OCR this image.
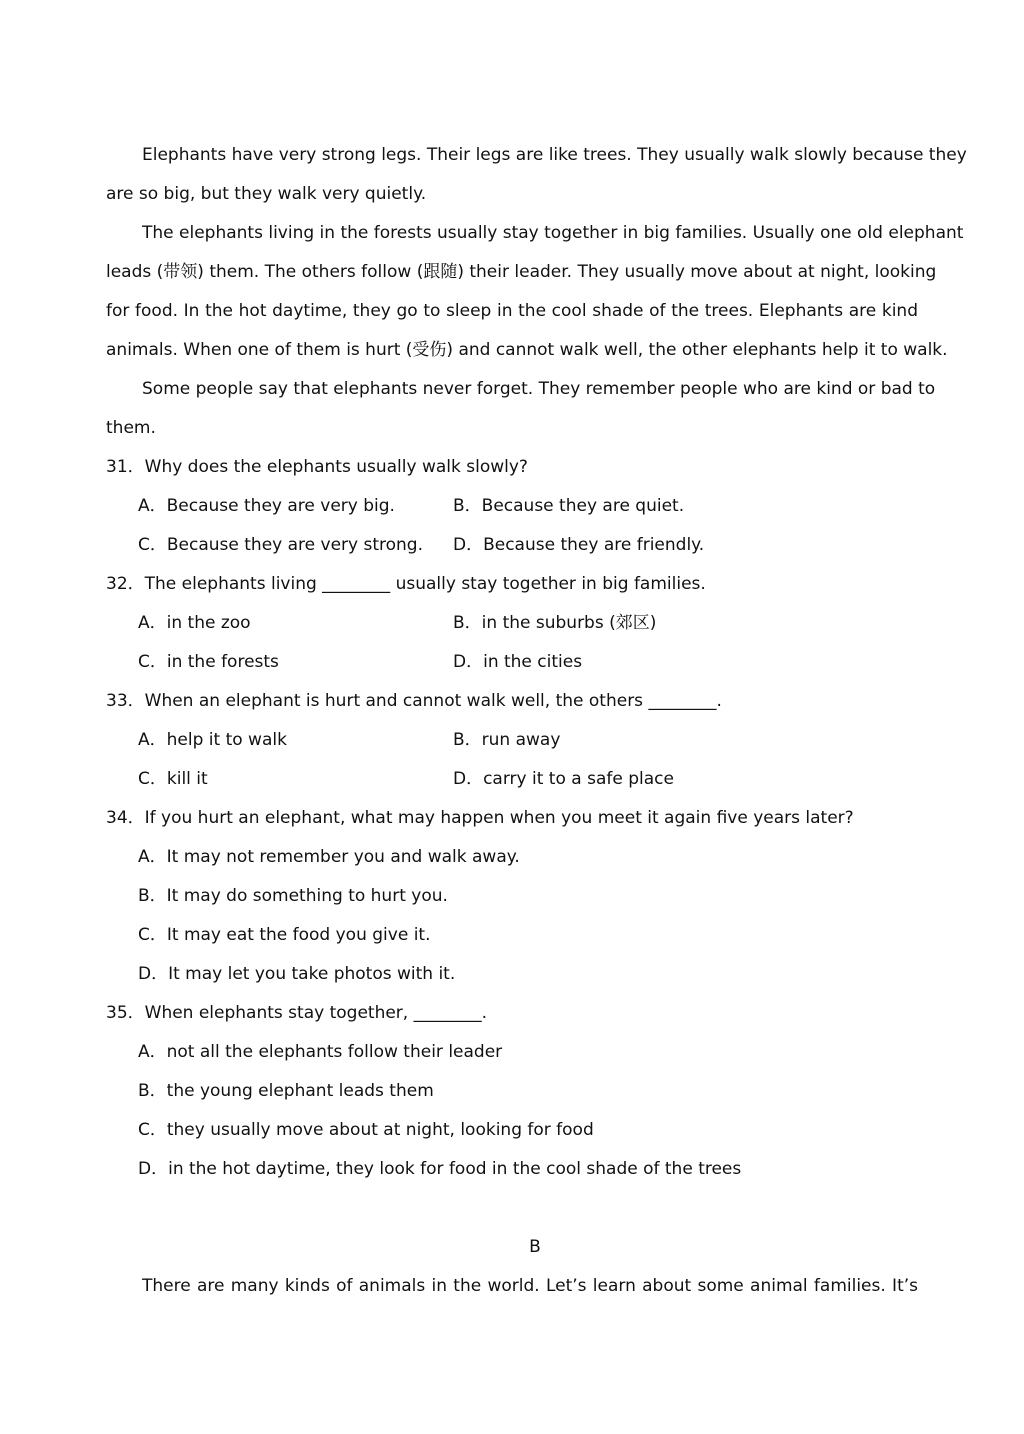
Elephants have very strong legs. Their legs are like trees. They usually walk slowly because they
are so big, but they walk very quietly.
The elephants living in the forests usually stay together in big families. Usually one old elephant
leads (带领) them. The others follow (跟随) their leader. They usually move about at night, looking
for food. In the hot daytime, they go to sleep in the cool shade of the trees. Elephants are kind
animals. When one of them is hurt (受伤) and cannot walk well, the other elephants help it to walk.
Some people say that elephants never forget. They remember people who are kind or bad to
them.
31．Why does the elephants usually walk slowly?
A．Because they are very big.	B．Because they are quiet.
C．Because they are very strong. D．Because they are friendly.
32．The elephants living ________ usually stay together in big families.
A．in the zoo	B．in the suburbs (郊区)
C．in the forests	D．in the cities
33．When an elephant is hurt and cannot walk well, the others ________.
A．help it to walk	B．run away
C．kill it	D．carry it to a safe place
34．If you hurt an elephant, what may happen when you meet it again five years later?
A．It may not remember you and walk away.
B．It may do something to hurt you.
C．It may eat the food you give it.
D．It may let you take photos with it.
35．When elephants stay together, ________.
A．not all the elephants follow their leader
B．the young elephant leads them
C．they usually move about at night, looking for food
D．in the hot daytime, they look for food in the cool shade of the trees
B
There are many kinds of animals in the world. Let’s learn about some animal families. It’s
